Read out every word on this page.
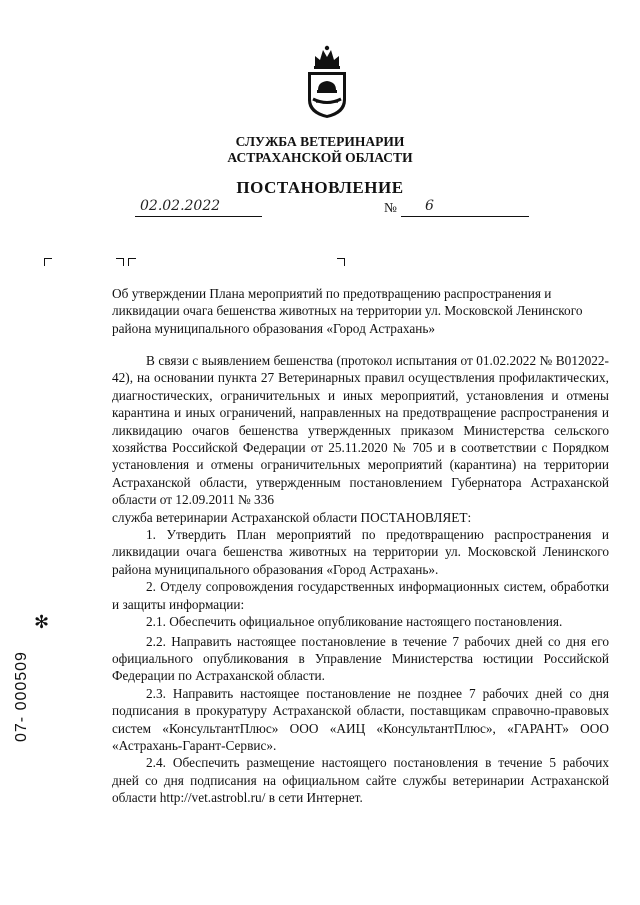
СЛУЖБА ВЕТЕРИНАРИИ
АСТРАХАНСКОЙ ОБЛАСТИ
ПОСТАНОВЛЕНИЕ
02.02.2022	№ 6

Об утверждении Плана мероприятий по предотвращению распространения и ликвидации очага бешенства животных на территории ул. Московской Ленинского района муниципального образования «Город Астрахань»

В связи с выявлением бешенства (протокол испытания от 01.02.2022 № В012022-42), на основании пункта 27 Ветеринарных правил осуществления профилактических, диагностических, ограничительных и иных мероприятий, установления и отмены карантина и иных ограничений, направленных на предотвращение распространения и ликвидацию очагов бешенства утвержденных приказом Министерства сельского хозяйства Российской Федерации от 25.11.2020 № 705 и в соответствии с Порядком установления и отмены ограничительных мероприятий (карантина) на территории Астраханской области, утвержденным постановлением Губернатора Астраханской области от 12.09.2011 № 336

служба ветеринарии Астраханской области ПОСТАНОВЛЯЕТ:

1. Утвердить План мероприятий по предотвращению распространения и ликвидации очага бешенства животных на территории ул. Московской Ленинского района муниципального образования «Город Астрахань».

2. Отделу сопровождения государственных информационных систем, обработки и защиты информации:

2.1. Обеспечить официальное опубликование настоящего постановления.

2.2. Направить настоящее постановление в течение 7 рабочих дней со дня его официального опубликования в Управление Министерства юстиции Российской Федерации по Астраханской области.

2.3. Направить настоящее постановление не позднее 7 рабочих дней со дня подписания в прокуратуру Астраханской области, поставщикам справочно-правовых систем «КонсультантПлюс» ООО «АИЦ «КонсультантПлюс», «ГАРАНТ» ООО «Астрахань-Гарант-Сервис».

2.4. Обеспечить размещение настоящего постановления в течение 5 рабочих дней со дня подписания на официальном сайте службы ветеринарии Астраханской области http://vet.astrobl.ru/ в сети Интернет.

✻
07- 000509
